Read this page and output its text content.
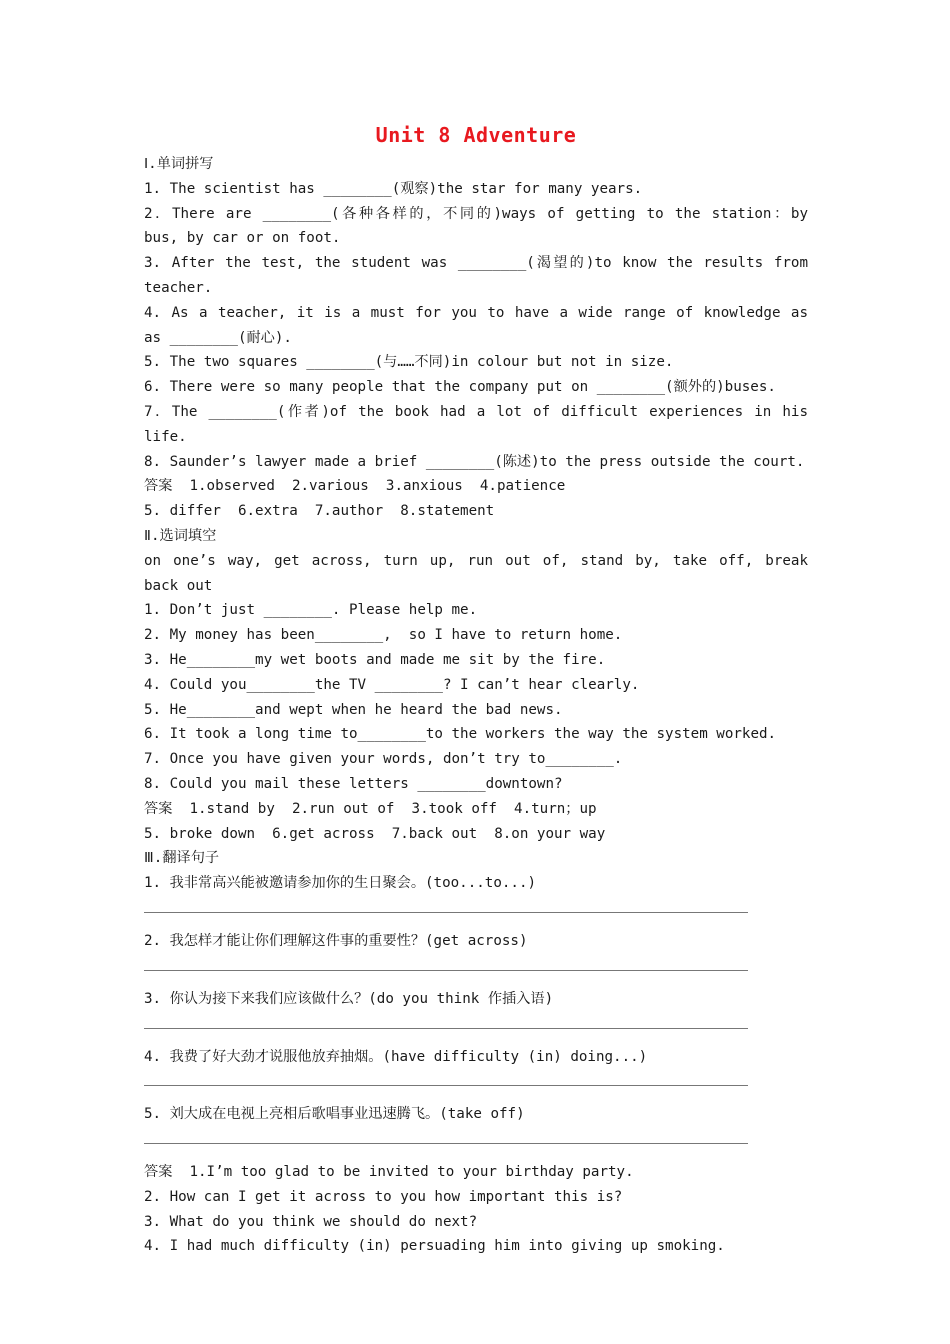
Unit 8 Adventure
Ⅰ.单词拼写
1. The scientist has ________(观察)the star for many years.
2．There are ________(各种各样的，不同的)ways of getting to the station：by
bus, by car or on foot.
3. After the test, the student was ________(渴望的)to know the results from
teacher.
4. As a teacher, it is a must for you to have a wide range of knowledge as
as ________(耐心).
5. The two squares ________(与……不同)in colour but not in size.
6. There were so many people that the company put on ________(额外的)buses.
7．The ________(作者)of the book had a lot of difficult experiences in his
life.
8. Saunder’s lawyer made a brief ________(陈述)to the press outside the court.
答案  1.observed  2.various  3.anxious  4.patience
5. differ  6.extra  7.author  8.statement
Ⅱ.选词填空
on one’s way, get across, turn up, run out of, stand by, take off, break
back out
1. Don’t just ________. Please help me.
2. My money has been________,  so I have to return home.
3. He________my wet boots and made me sit by the fire.
4. Could you________the TV ________? I can’t hear clearly.
5. He________and wept when he heard the bad news.
6. It took a long time to________to the workers the way the system worked.
7. Once you have given your words, don’t try to________.
8. Could you mail these letters ________downtown?
答案  1.stand by  2.run out of  3.took off  4.turn；up
5. broke down  6.get across  7.back out  8.on your way
Ⅲ.翻译句子
1. 我非常高兴能被邀请参加你的生日聚会。(too...to...)
2. 我怎样才能让你们理解这件事的重要性？(get across)
3. 你认为接下来我们应该做什么？(do you think 作插入语)
4. 我费了好大劲才说服他放弃抽烟。(have difficulty (in) doing...)
5. 刘大成在电视上亮相后歌唱事业迅速腾飞。(take off)
答案  1.I’m too glad to be invited to your birthday party.
2. How can I get it across to you how important this is?
3. What do you think we should do next?
4. I had much difficulty (in) persuading him into giving up smoking.
